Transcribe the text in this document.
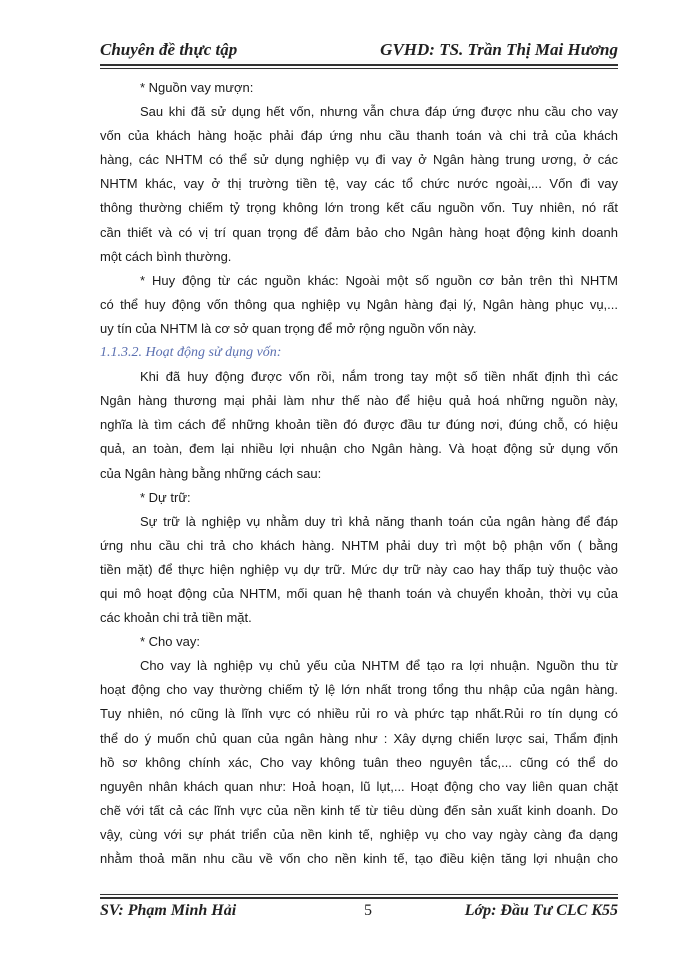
Chuyên đề thực tập	GVHD: TS. Trần Thị Mai Hương
* Nguồn vay mượn:
Sau khi đã sử dụng hết vốn, nhưng vẫn chưa đáp ứng được nhu cầu cho vay
vốn của khách hàng hoặc phải đáp ứng nhu cầu thanh toán và chi trả của khách
hàng, các NHTM có thể sử dụng nghiệp vụ đi vay ở Ngân hàng trung ương, ở các
NHTM khác, vay ở thị trường tiền tệ, vay các tổ chức nước ngoài,... Vốn đi vay
thông thường chiếm tỷ trọng không lớn trong kết cấu nguồn vốn. Tuy nhiên, nó rất
cần thiết và có vị trí quan trọng để đảm bảo cho Ngân hàng hoạt động kinh doanh
một cách bình thường.
* Huy động từ các nguồn khác: Ngoài một số nguồn cơ bản trên thì NHTM
có thể huy động vốn thông qua nghiệp vụ Ngân hàng đại lý, Ngân hàng phục vụ,...
uy tín của NHTM là cơ sở quan trọng để mở rộng nguồn vốn này.
1.1.3.2. Hoạt động sử dụng vốn:
Khi đã huy động được vốn rồi, nắm trong tay một số tiền nhất định thì các
Ngân hàng thương mại phải làm như thế nào để hiệu quả hoá những nguồn này,
nghĩa là tìm cách để những khoản tiền đó được đầu tư đúng nơi, đúng chỗ, có hiệu
quả, an toàn, đem lại nhiều lợi nhuận cho Ngân hàng. Và hoạt động sử dụng vốn
của Ngân hàng bằng những cách sau:
* Dự trữ:
Sự trữ là nghiệp vụ nhằm duy trì khả năng thanh toán của ngân hàng để đáp
ứng nhu cầu chi trả cho khách hàng. NHTM phải duy trì một bộ phận vốn ( bằng
tiền mặt) để thực hiện nghiệp vụ dự trữ. Mức dự trữ này cao hay thấp tuỳ thuộc vào
qui mô hoạt động của NHTM, mối quan hệ thanh toán và chuyển khoản, thời vụ của
các khoản chi trả tiền mặt.
* Cho vay:
Cho vay là nghiệp vụ chủ yếu của NHTM để tạo ra lợi nhuận. Nguồn thu từ
hoạt động cho vay thường chiếm tỷ lệ lớn nhất trong tổng thu nhập của ngân hàng.
Tuy nhiên, nó cũng là lĩnh vực có nhiều rủi ro và phức tạp nhất.Rủi ro tín dụng có
thể do ý muốn chủ quan của ngân hàng như : Xây dựng chiến lược sai, Thẩm định
hồ sơ không chính xác, Cho vay không tuân theo nguyên tắc,... cũng có thể do
nguyên nhân khách quan như: Hoả hoạn, lũ lụt,... Hoạt động cho vay liên quan chặt
chẽ với tất cả các lĩnh vực của nền kinh tế từ tiêu dùng đến sản xuất kinh doanh. Do
vậy, cùng với sự phát triển của nền kinh tế, nghiệp vụ cho vay ngày càng đa dạng
nhằm thoả mãn nhu cầu về vốn cho nền kinh tế, tạo điều kiện tăng lợi nhuận cho
SV: Phạm Minh Hải	5	Lớp: Đầu Tư CLC K55
